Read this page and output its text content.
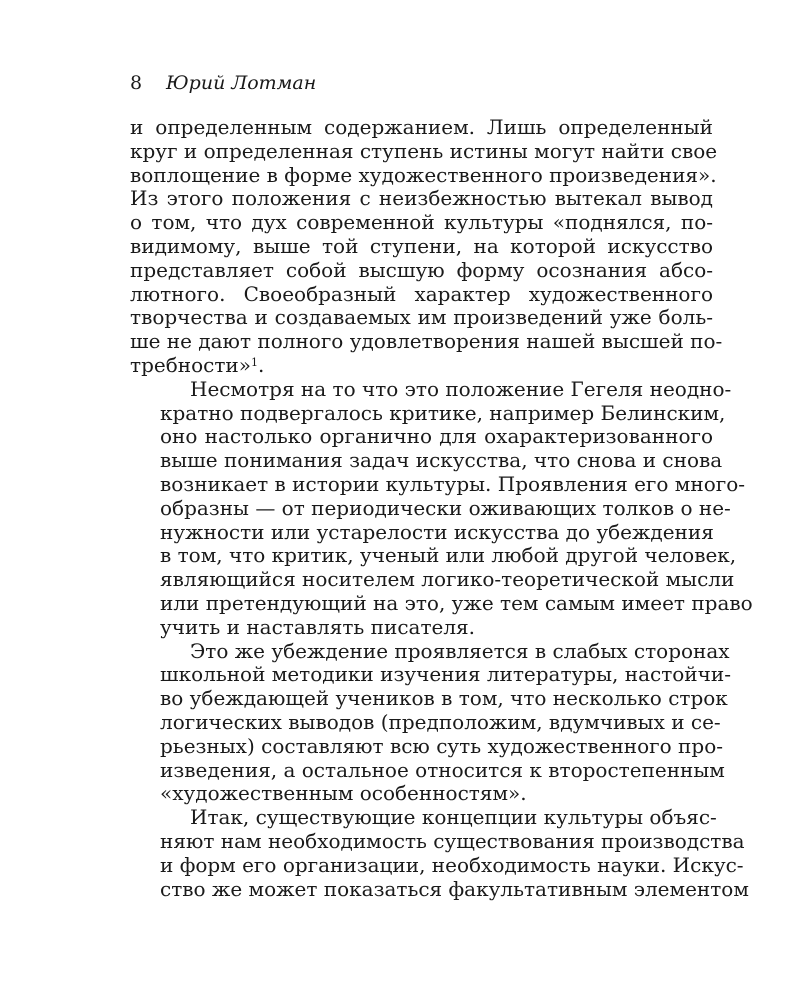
8	Юрий Лотман

и определенным содержанием. Лишь определенный
круг и определенная ступень истины могут найти свое
воплощение в форме художественного произведения».
Из этого положения с неизбежностью вытекал вывод
о том, что дух современной культуры «поднялся, по-
видимому, выше той ступени, на которой искусство
представляет собой высшую форму осознания абсо-
лютного. Своеобразный характер художественного
творчества и создаваемых им произведений уже боль-
ше не дают полного удовлетворения нашей высшей по-
требности»$^1$.

Несмотря на то что это положение Гегеля неодно-
кратно подвергалось критике, например Белинским,
оно настолько органично для охарактеризованного
выше понимания задач искусства, что снова и снова
возникает в истории культуры. Проявления его много-
образны — от периодически оживающих толков о не-
нужности или устарелости искусства до убеждения
в том, что критик, ученый или любой другой человек,
являющийся носителем логико-теоретической мысли
или претендующий на это, уже тем самым имеет право
учить и наставлять писателя.

Это же убеждение проявляется в слабых сторонах
школьной методики изучения литературы, настойчи-
во убеждающей учеников в том, что несколько строк
логических выводов (предположим, вдумчивых и се-
рьезных) составляют всю суть художественного про-
изведения, а остальное относится к второстепенным
«художественным особенностям».

Итак, существующие концепции культуры объяс-
няют нам необходимость существования производства
и форм его организации, необходимость науки. Искус-
ство же может показаться факультативным элементом
